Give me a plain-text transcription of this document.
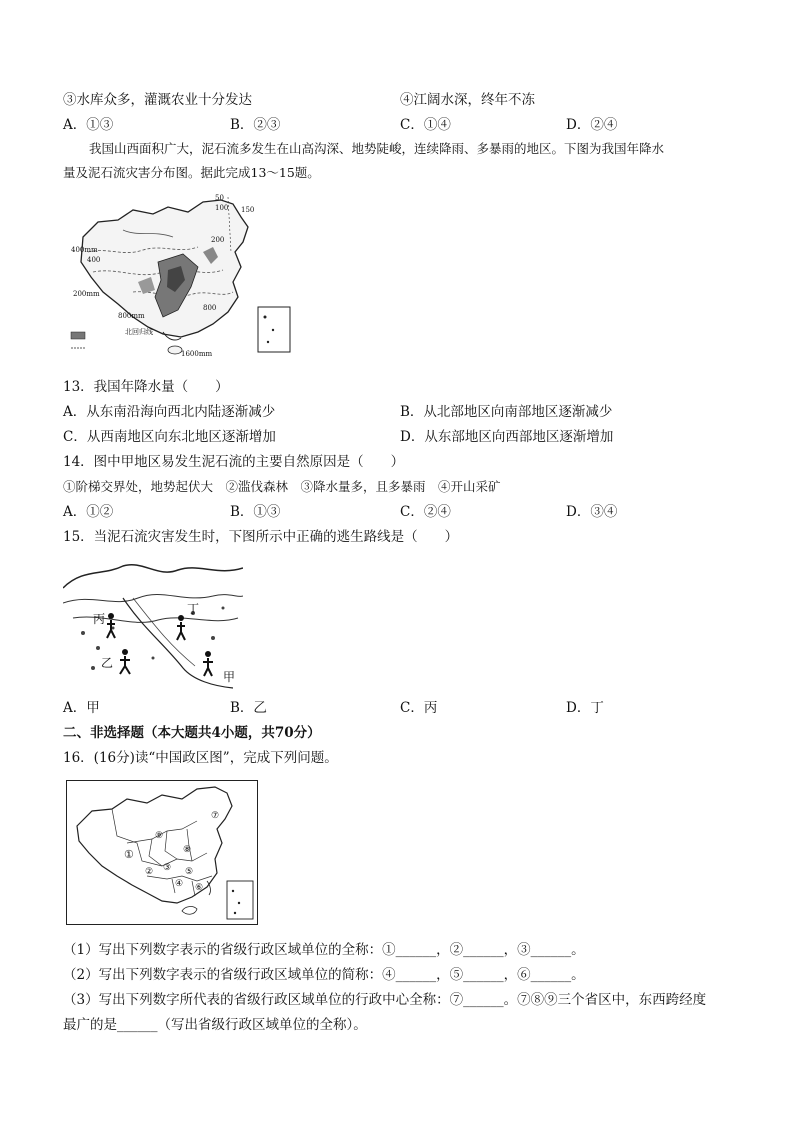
③水库众多，灌溉农业十分发达	④江阔水深，终年不冻
A．①③	B．②③	C．①④	D．②④
我国山西面积广大，泥石流多发生在山高沟深、地势陡峻，连续降雨、多暴雨的地区。下图为我国年降水
量及泥石流灾害分布图。据此完成13～15题。
400mm
200mm
800mm
1600mm
北回归线
50
100 150
200
400
800
13．我国年降水量（　　）
A．从东南沿海向西北内陆逐渐减少	B．从北部地区向南部地区逐渐减少
C．从西南地区向东北地区逐渐增加	D．从东部地区向西部地区逐渐增加
14．图中甲地区易发生泥石流的主要自然原因是（　　）
①阶梯交界处，地势起伏大　②滥伐森林　③降水量多，且多暴雨　④开山采矿
A．①②	B．①③	C．②④	D．③④
15．当泥石流灾害发生时，下图所示中正确的逃生路线是（　　）
丙
丁
乙
甲
A．甲	B．乙	C．丙	D．丁
二、非选择题（本大题共4小题，共70分）
16．(16分)读“中国政区图”，完成下列问题。
①
② ③
④
⑤
⑥
⑦
⑧
⑨
（1）写出下列数字表示的省级行政区域单位的全称：①______，②______，③______。
（2）写出下列数字表示的省级行政区域单位的简称：④______，⑤______，⑥______。
（3）写出下列数字所代表的省级行政区域单位的行政中心全称：⑦______。⑦⑧⑨三个省区中，东西跨经度
最广的是______（写出省级行政区域单位的全称）。
